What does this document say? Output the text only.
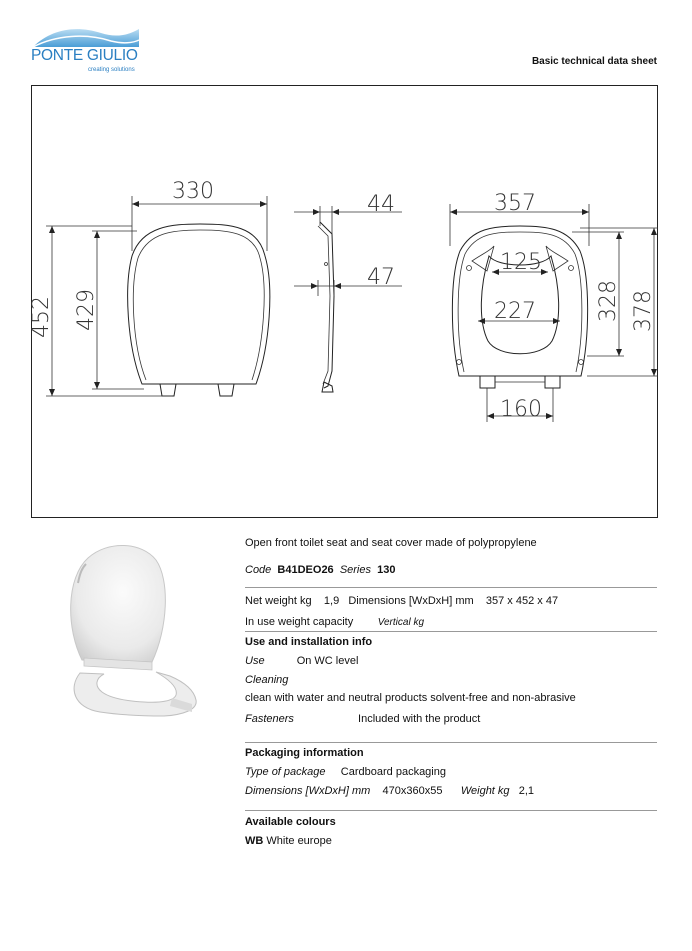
PONTE GIULIO
creating solutions
Basic technical data sheet
330
452 429
44
47
357
125
227	328 378
160
Open front toilet seat and seat cover made of polypropylene
Code B41DEO26 Series 130
Net weight kg 1,9 Dimensions [WxDxH] mm 357 x 452 x 47
In use weight capacity Vertical kg
Use and installation info
Use	On WC level
Cleaning
clean with water and neutral products solvent-free and non-abrasive
Fasteners	Included with the product
Packaging information
Type of package Cardboard packaging
Dimensions [WxDxH] mm 470x360x55 Weight kg 2,1
Available colours
WB White europe
